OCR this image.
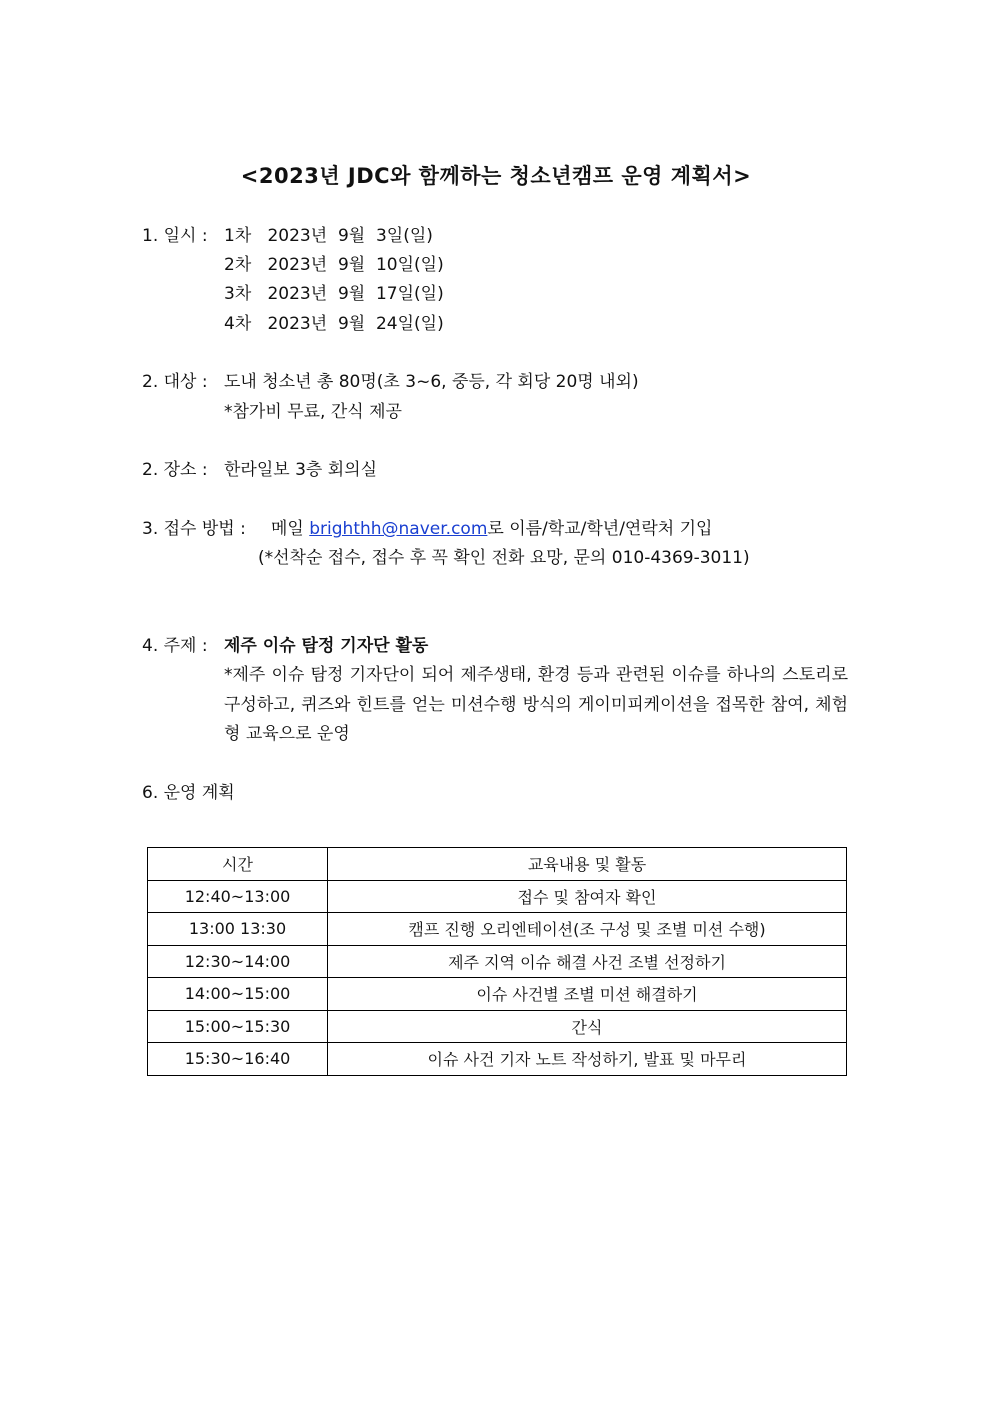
<2023년 JDC와 함께하는 청소년캠프 운영 계획서>
1. 일시 : 1차   2023년  9월  3일(일)
2차   2023년  9월  10일(일)
3차   2023년  9월  17일(일)
4차   2023년  9월  24일(일)
2. 대상 : 도내 청소년 총 80명(초 3~6, 중등, 각 회당 20명 내외)
*참가비 무료, 간식 제공
2. 장소 : 한라일보 3층 회의실
3. 접수 방법 : 메일 brighthh@naver.com로 이름/학교/학년/연락처 기입
(*선착순 접수, 접수 후 꼭 확인 전화 요망, 문의 010-4369-3011)
4. 주제 : 제주 이슈 탐정 기자단 활동
*제주 이슈 탐정 기자단이 되어 제주생태, 환경 등과 관련된 이슈를 하나의 스토리로 구성하고, 퀴즈와 힌트를 얻는 미션수행 방식의 게이미피케이션을 접목한 참여, 체험형 교육으로 운영
6. 운영 계획
시간	교육내용 및 활동
12:40~13:00	접수 및 참여자 확인
13:00 13:30	캠프 진행 오리엔테이션(조 구성 및 조별 미션 수행)
12:30~14:00	제주 지역 이슈 해결 사건 조별 선정하기
14:00~15:00	이슈 사건별 조별 미션 해결하기
15:00~15:30	간식
15:30~16:40	이슈 사건 기자 노트 작성하기, 발표 및 마무리
